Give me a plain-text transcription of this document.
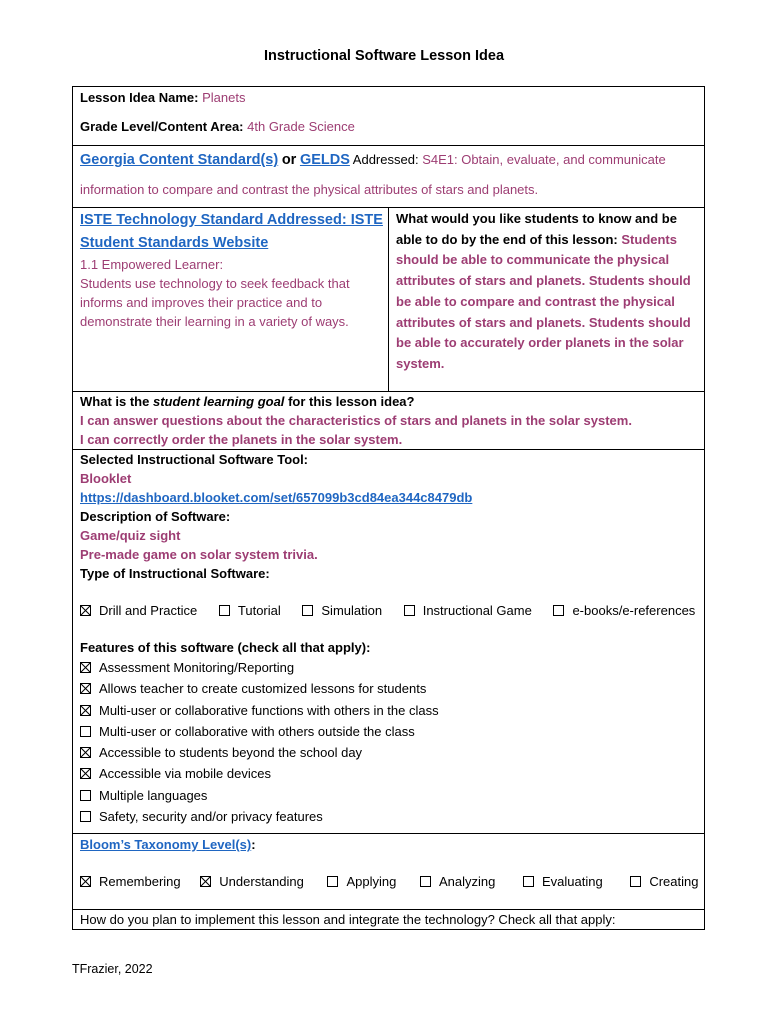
Instructional Software Lesson Idea
Lesson Idea Name: Planets
Grade Level/Content Area: 4th Grade Science
Georgia Content Standard(s) or GELDS Addressed: S4E1: Obtain, evaluate, and communicate
information to compare and contrast the physical attributes of stars and planets.
ISTE Technology Standard Addressed: ISTE
Student Standards Website
1.1 Empowered Learner:
Students use technology to seek feedback that
informs and improves their practice and to
demonstrate their learning in a variety of ways.
What would you like students to know and be
able to do by the end of this lesson: Students
should be able to communicate the physical
attributes of stars and planets. Students should
be able to compare and contrast the physical
attributes of stars and planets. Students should
be able to accurately order planets in the solar
system.
What is the student learning goal for this lesson idea?
I can answer questions about the characteristics of stars and planets in the solar system.
I can correctly order the planets in the solar system.
Selected Instructional Software Tool:
Blooklet
https://dashboard.blooket.com/set/657099b3cd84ea344c8479db
Description of Software:
Game/quiz sight
Pre-made game on solar system trivia.
Type of Instructional Software:
Drill and Practice	Tutorial	Simulation	Instructional Game	e-books/e-references
Features of this software (check all that apply):
Assessment Monitoring/Reporting
Allows teacher to create customized lessons for students
Multi-user or collaborative functions with others in the class
Multi-user or collaborative with others outside the class
Accessible to students beyond the school day
Accessible via mobile devices
Multiple languages
Safety, security and/or privacy features
Bloom’s Taxonomy Level(s):
Remembering	Understanding	Applying	Analyzing	Evaluating	Creating
How do you plan to implement this lesson and integrate the technology? Check all that apply:
TFrazier, 2022
